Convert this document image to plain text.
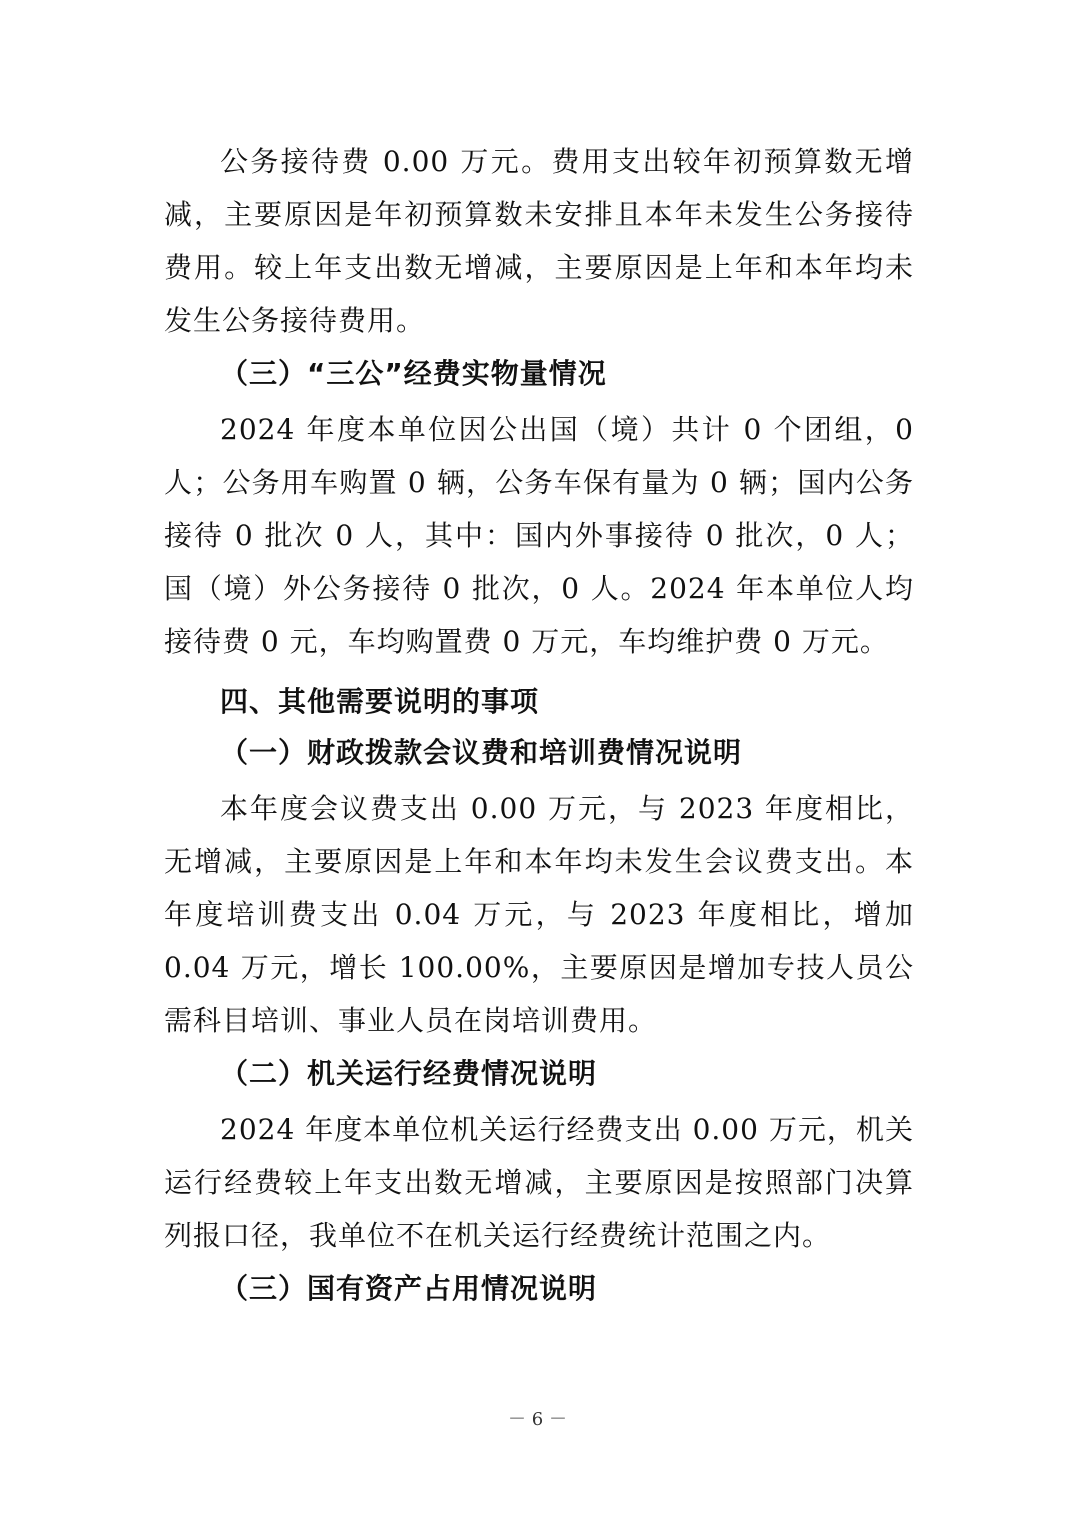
公务接待费 0.00 万元。费用支出较年初预算数无增减，主要原因是年初预算数未安排且本年未发生公务接待费用。较上年支出数无增减，主要原因是上年和本年均未发生公务接待费用。

（三）“三公”经费实物量情况

2024 年度本单位因公出国（境）共计 0 个团组，0 人；公务用车购置 0 辆，公务车保有量为 0 辆；国内公务接待 0 批次 0 人，其中：国内外事接待 0 批次，0 人；国（境）外公务接待 0 批次，0 人。2024 年本单位人均接待费 0 元，车均购置费 0 万元，车均维护费 0 万元。

四、其他需要说明的事项
（一）财政拨款会议费和培训费情况说明

本年度会议费支出 0.00 万元，与 2023 年度相比，无增减，主要原因是上年和本年均未发生会议费支出。本年度培训费支出 0.04 万元，与 2023 年度相比，增加 0.04 万元，增长 100.00%，主要原因是增加专技人员公需科目培训、事业人员在岗培训费用。

（二）机关运行经费情况说明

2024 年度本单位机关运行经费支出 0.00 万元，机关运行经费较上年支出数无增减，主要原因是按照部门决算列报口径，我单位不在机关运行经费统计范围之内。

（三）国有资产占用情况说明
－ 6 －
